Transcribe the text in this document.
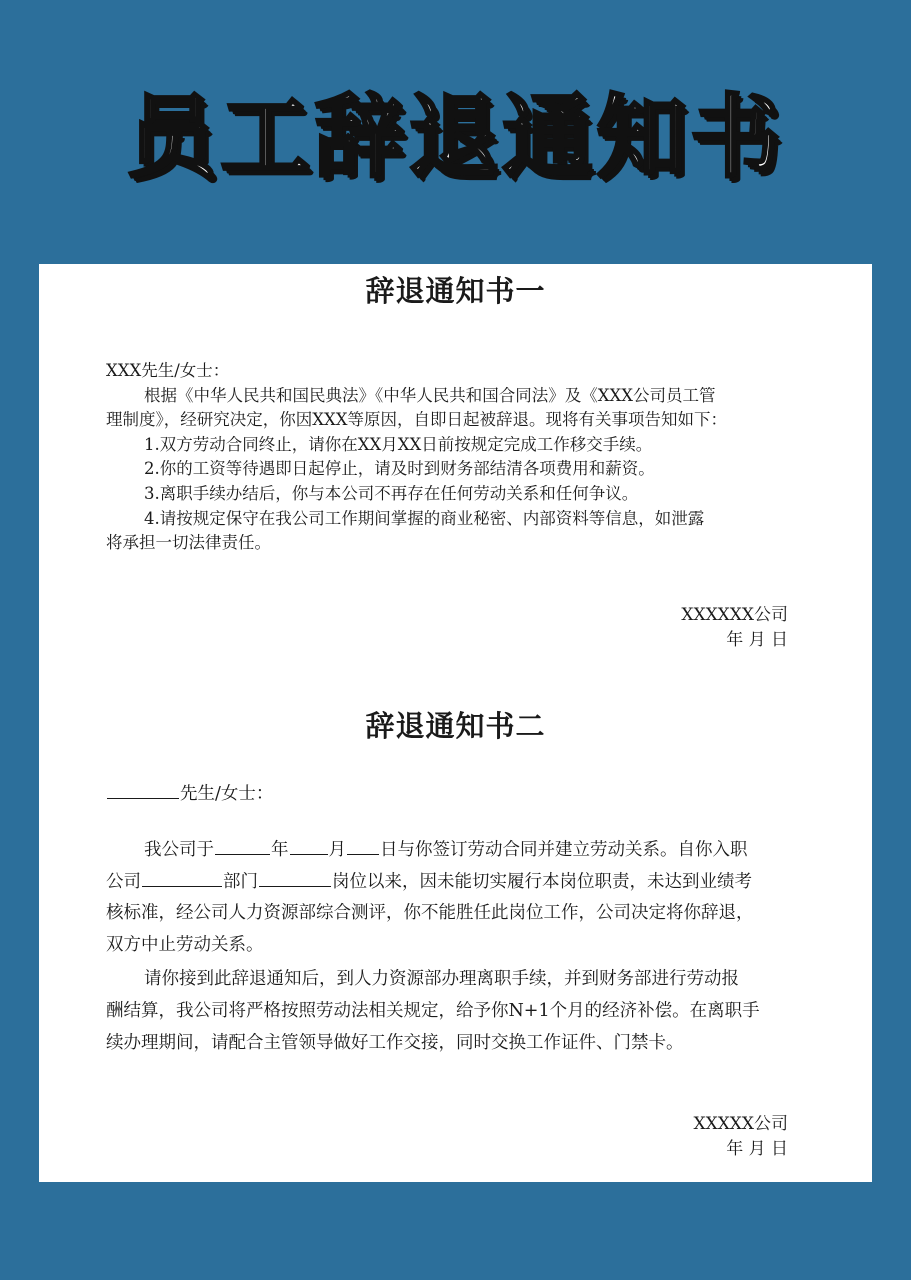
员工辞退通知书
辞退通知书一
XXX先生/女士：
根据《中华人民共和国民典法》《中华人民共和国合同法》及《XXX公司员工管
理制度》，经研究决定，你因XXX等原因，自即日起被辞退。现将有关事项告知如下：
1.双方劳动合同终止，请你在XX月XX日前按规定完成工作移交手续。
2.你的工资等待遇即日起停止，请及时到财务部结清各项费用和薪资。
3.离职手续办结后，你与本公司不再存在任何劳动关系和任何争议。
4.请按规定保守在我公司工作期间掌握的商业秘密、内部资料等信息，如泄露
将承担一切法律责任。
XXXXXX公司
年 月 日
辞退通知书二
先生/女士：
我公司于	年 月 日与你签订劳动合同并建立劳动关系。自你入职
公司	部门	岗位以来，因未能切实履行本岗位职责，未达到业绩考
核标准，经公司人力资源部综合测评，你不能胜任此岗位工作，公司决定将你辞退，
双方中止劳动关系。
请你接到此辞退通知后，到人力资源部办理离职手续，并到财务部进行劳动报
酬结算，我公司将严格按照劳动法相关规定，给予你N+1个月的经济补偿。在离职手
续办理期间，请配合主管领导做好工作交接，同时交换工作证件、门禁卡。
XXXXX公司
年 月 日
